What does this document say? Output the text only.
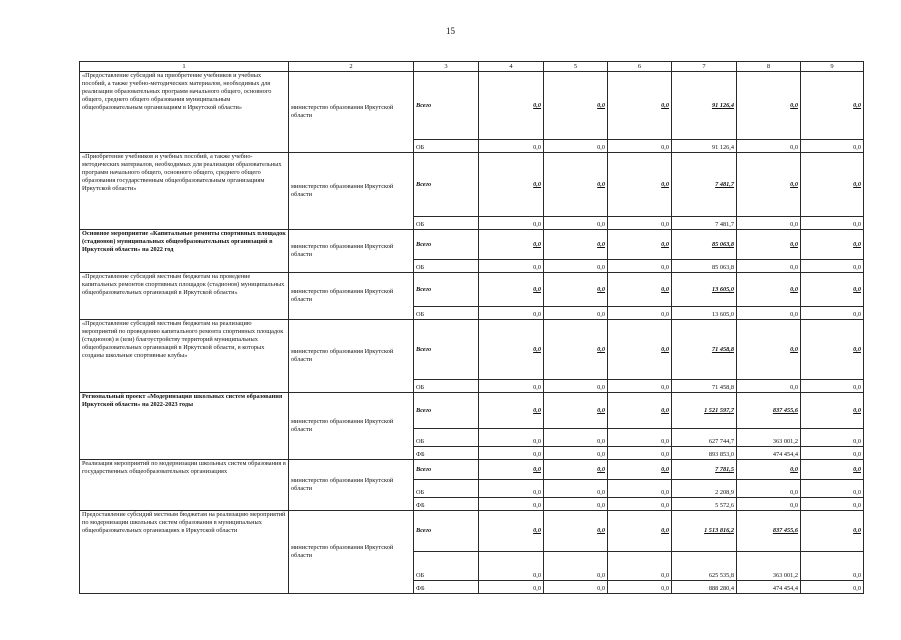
15
1	2	3	4	5	6	7	8	9
«Предоставление субсидий на приобретение учебников и учебных пособий, а также учебно-методических материалов, необходимых для реализации образовательных программ начального общего, основного общего, среднего общего образования муниципальным общеобразовательным организациям в Иркутской области»	министерство образования Иркутской области	Всего	0,0	0,0	0,0	91 126,4	0,0	0,0
		ОБ	0,0	0,0	0,0	91 126,4	0,0	0,0
«Приобретение учебников и учебных пособий, а также учебно-методических материалов, необходимых для реализации образовательных программ начального общего, основного общего, среднего общего образования государственным общеобразовательным организациям Иркутской области»	министерство образования Иркутской области	Всего	0,0	0,0	0,0	7 481,7	0,0	0,0
		ОБ	0,0	0,0	0,0	7 481,7	0,0	0,0
Основное мероприятие «Капитальные ремонты спортивных площадок (стадионов) муниципальных общеобразовательных организаций в Иркутской области» на 2022 год	министерство образования Иркутской области	Всего	0,0	0,0	0,0	85 063,8	0,0	0,0
		ОБ	0,0	0,0	0,0	85 063,8	0,0	0,0
«Предоставление субсидий местным бюджетам на проведение капитальных ремонтов спортивных площадок (стадионов) муниципальных общеобразовательных организаций в Иркутской области»	министерство образования Иркутской области	Всего	0,0	0,0	0,0	13 605,0	0,0	0,0
		ОБ	0,0	0,0	0,0	13 605,0	0,0	0,0
«Предоставление субсидий местным бюджетам на реализацию мероприятий по проведению капитального ремонта спортивных площадок (стадионов) и (или) благоустройству территорий муниципальных общеобразовательных организаций в Иркутской области, в которых созданы школьные спортивные клубы»	министерство образования Иркутской области	Всего	0,0	0,0	0,0	71 458,8	0,0	0,0
		ОБ	0,0	0,0	0,0	71 458,8	0,0	0,0
Региональный проект «Модернизация школьных систем образования Иркутской области» на 2022-2023 годы	министерство образования Иркутской области	Всего	0,0	0,0	0,0	1 521 597,7	837 455,6	0,0
		ОБ	0,0	0,0	0,0	627 744,7	363 001,2	0,0
		ФБ	0,0	0,0	0,0	893 853,0	474 454,4	0,0
Реализация мероприятий по модернизации школьных систем образования в государственных общеобразовательных организациях	министерство образования Иркутской области	Всего	0,0	0,0	0,0	7 781,5	0,0	0,0
		ОБ	0,0	0,0	0,0	2 208,9	0,0	0,0
		ФБ	0,0	0,0	0,0	5 572,6	0,0	0,0
Предоставление субсидий местным бюджетам на реализацию мероприятий по модернизации школьных систем образования в муниципальных общеобразовательных организациях в Иркутской области	министерство образования Иркутской области	Всего	0,0	0,0	0,0	1 513 816,2	837 455,6	0,0
		ОБ	0,0	0,0	0,0	625 535,8	363 001,2	0,0
		ФБ	0,0	0,0	0,0	888 280,4	474 454,4	0,0
